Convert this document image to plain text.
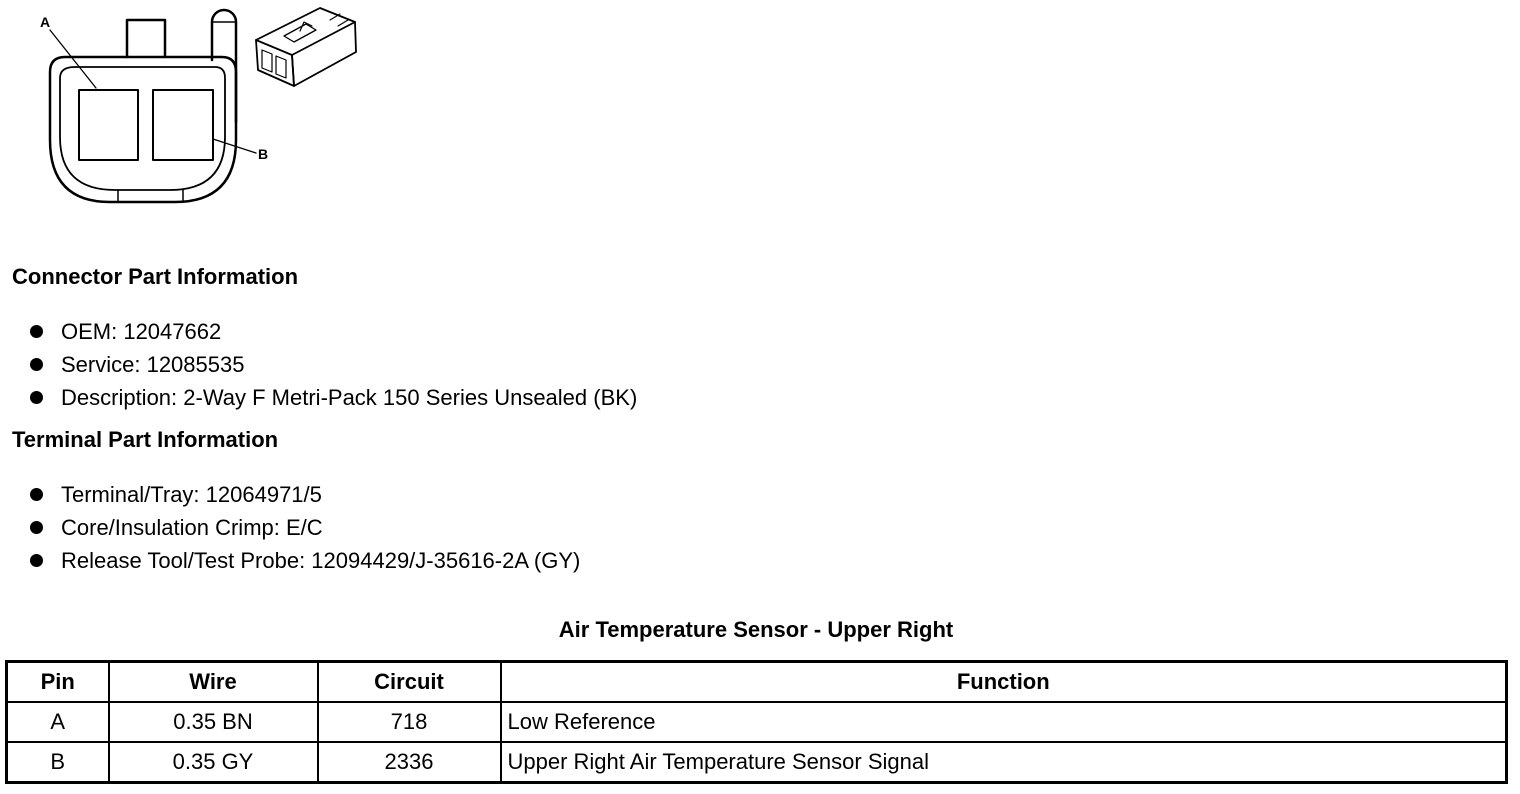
A
B
Connector Part Information
OEM: 12047662
Service: 12085535
Description: 2-Way F Metri-Pack 150 Series Unsealed (BK)
Terminal Part Information
Terminal/Tray: 12064971/5
Core/Insulation Crimp: E/C
Release Tool/Test Probe: 12094429/J-35616-2A (GY)
Air Temperature Sensor - Upper Right
Pin	Wire	Circuit	Function
A	0.35 BN	718	Low Reference
B	0.35 GY	2336	Upper Right Air Temperature Sensor Signal
